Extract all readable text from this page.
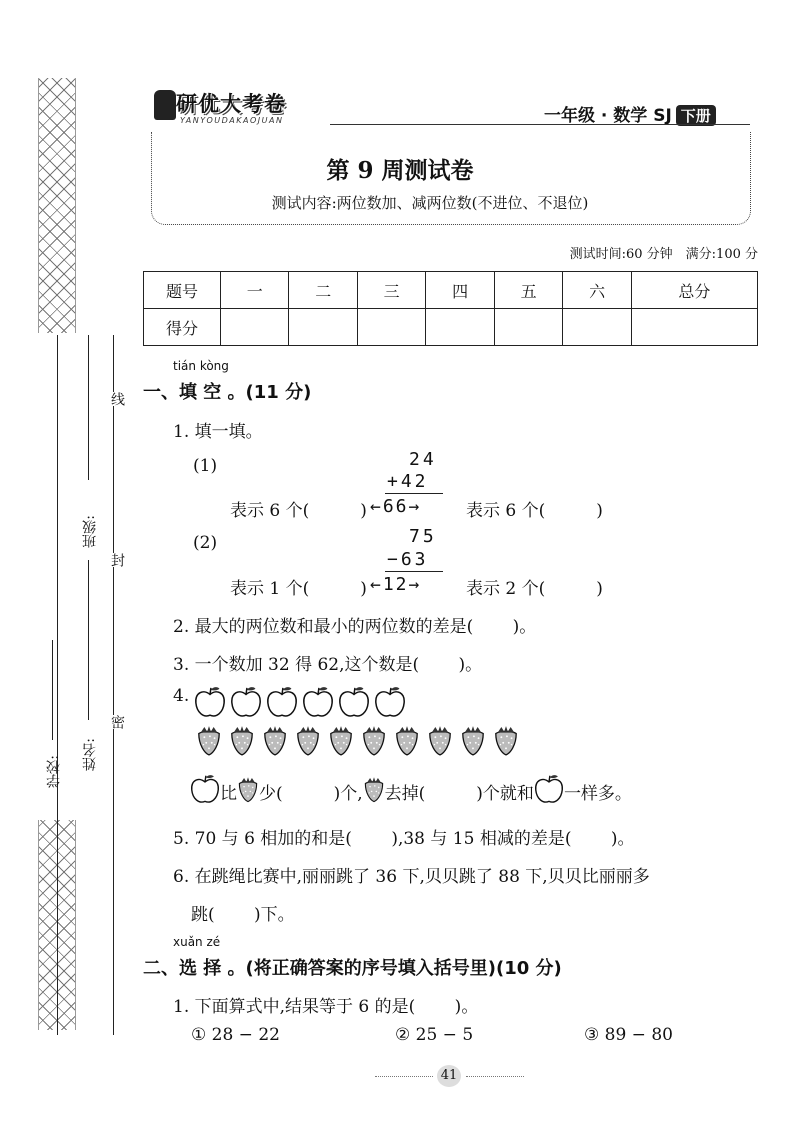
班级:
姓名:
学校:
线
封
密
研优大考卷
YANYOUDAKAOJUAN	一年级 · 数学 SJ 下册
第 9 周测试卷
测试内容:两位数加、减两位数(不进位、不退位)
测试时间:60 分钟　满分:100 分
题号	一	二	三	四	五	六	总分
得分							
tián kòng
一、填 空 。(11 分)
1. 填一填。
(1)	24
+42
表示 6 个(　　　) ←66→	表示 6 个(　　　)
(2)	75
−63
表示 1 个(　　　) ←12→	表示 2 个(　　　)
2. 最大的两位数和最小的两位数的差是(　　 )。
3. 一个数加 32 得 62,这个数是(　　 )。
4.
比 少(　　　)个, 去掉(　　　)个就和 一样多。
5. 70 与 6 相加的和是(　　 ),38 与 15 相减的差是(　　 )。
6. 在跳绳比赛中,丽丽跳了 36 下,贝贝跳了 88 下,贝贝比丽丽多
跳(　　 )下。
xuǎn zé
二、选 择 。(将正确答案的序号填入括号里)(10 分)
1. 下面算式中,结果等于 6 的是(　　 )。
① 28 − 22	② 25 − 5	③ 89 − 80
41
